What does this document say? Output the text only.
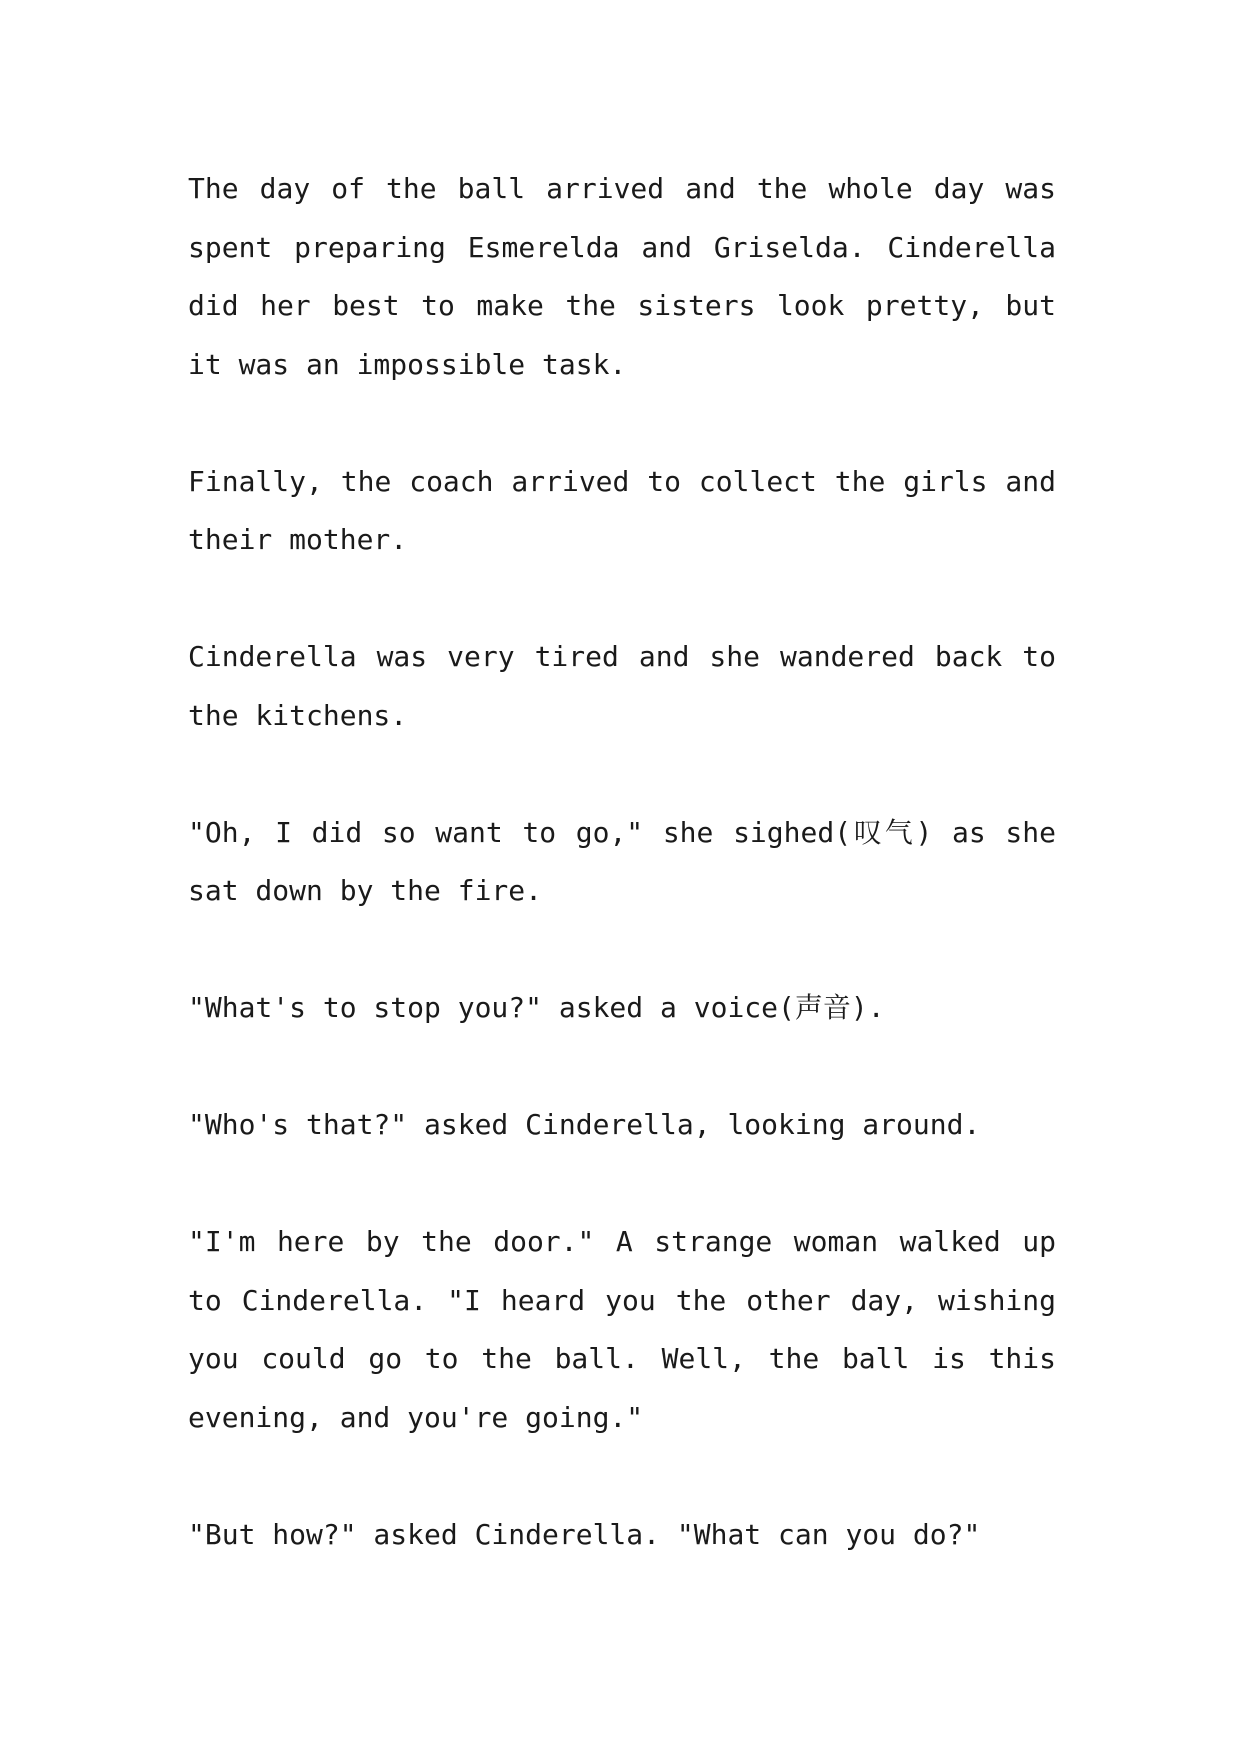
The day of the ball arrived and the whole day was spent preparing Esmerelda and Griselda. Cinderella did her best to make the sisters look pretty, but it was an impossible task.

Finally, the coach arrived to collect the girls and their mother.

Cinderella was very tired and she wandered back to the kitchens.

"Oh, I did so want to go," she sighed(叹气) as she sat down by the fire.

"What's to stop you?" asked a voice(声音).

"Who's that?" asked Cinderella, looking around.

"I'm here by the door." A strange woman walked up to Cinderella. "I heard you the other day, wishing you could go to the ball. Well, the ball is this evening, and you're going."

"But how?" asked Cinderella. "What can you do?"
